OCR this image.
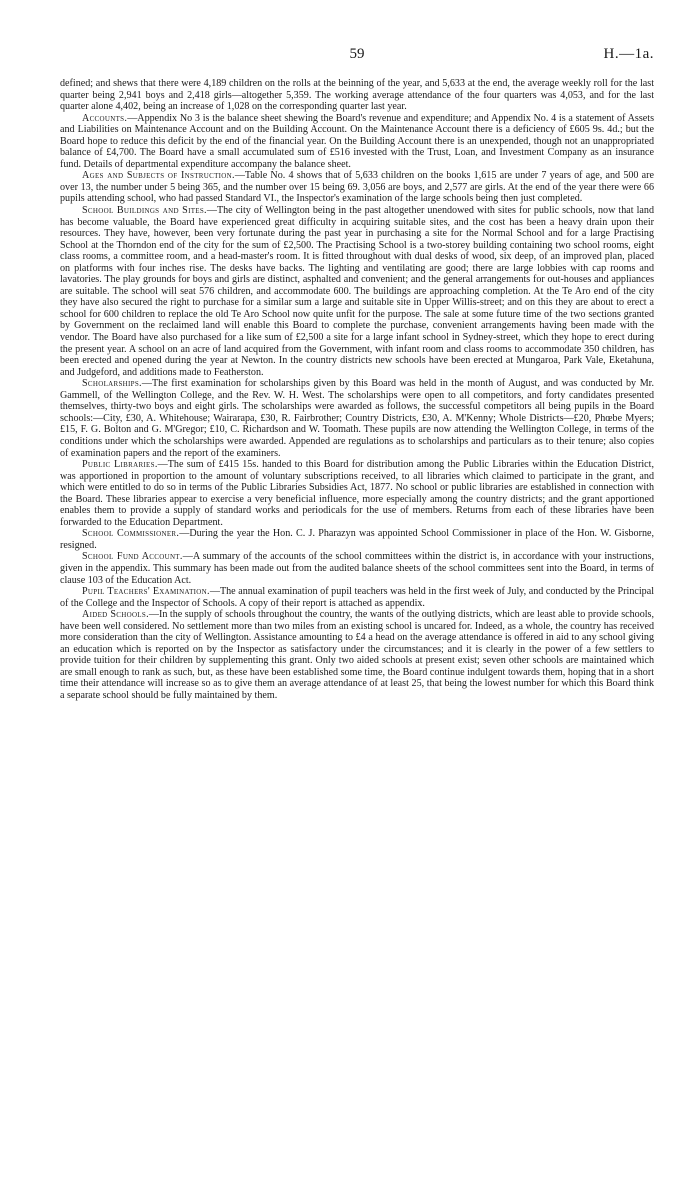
59	H.—1a.

defined; and shews that there were 4,189 children on the rolls at the beinning of the year, and 5,633 at the end, the average weekly roll for the last quarter being 2,941 boys and 2,418 girls—altogether 5,359. The working average attendance of the four quarters was 4,053, and for the last quarter alone 4,402, being an increase of 1,028 on the corresponding quarter last year.

Accounts.—Appendix No 3 is the balance sheet shewing the Board's revenue and expenditure; and Appendix No. 4 is a statement of Assets and Liabilities on Maintenance Account and on the Building Account. On the Maintenance Account there is a deficiency of £605 9s. 4d.; but the Board hope to reduce this deficit by the end of the financial year. On the Building Account there is an unexpended, though not an unappropriated balance of £4,700. The Board have a small accumulated sum of £516 invested with the Trust, Loan, and Investment Company as an insurance fund. Details of departmental expenditure accompany the balance sheet.

Ages and Subjects of Instruction.—Table No. 4 shows that of 5,633 children on the books 1,615 are under 7 years of age, and 500 are over 13, the number under 5 being 365, and the number over 15 being 69. 3,056 are boys, and 2,577 are girls. At the end of the year there were 66 pupils attending school, who had passed Standard VI., the Inspector's examination of the large schools being then just completed.

School Buildings and Sites.—The city of Wellington being in the past altogether unendowed with sites for public schools, now that land has become valuable, the Board have experienced great difficulty in acquiring suitable sites, and the cost has been a heavy drain upon their resources. They have, however, been very fortunate during the past year in purchasing a site for the Normal School and for a large Practising School at the Thorndon end of the city for the sum of £2,500. The Practising School is a two-storey building containing two school rooms, eight class rooms, a committee room, and a head-master's room. It is fitted throughout with dual desks of wood, six deep, of an improved plan, placed on platforms with four inches rise. The desks have backs. The lighting and ventilating are good; there are large lobbies with cap rooms and lavatories. The play grounds for boys and girls are distinct, asphalted and convenient; and the general arrangements for out-houses and appliances are suitable. The school will seat 576 children, and accommodate 600. The buildings are approaching completion. At the Te Aro end of the city they have also secured the right to purchase for a similar sum a large and suitable site in Upper Willis-street; and on this they are about to erect a school for 600 children to replace the old Te Aro School now quite unfit for the purpose. The sale at some future time of the two sections granted by Government on the reclaimed land will enable this Board to complete the purchase, convenient arrangements having been made with the vendor. The Board have also purchased for a like sum of £2,500 a site for a large infant school in Sydney-street, which they hope to erect during the present year. A school on an acre of land acquired from the Government, with infant room and class rooms to accommodate 350 children, has been erected and opened during the year at Newton. In the country districts new schools have been erected at Mungaroa, Park Vale, Eketahuna, and Judgeford, and additions made to Featherston.

Scholarships.—The first examination for scholarships given by this Board was held in the month of August, and was conducted by Mr. Gammell, of the Wellington College, and the Rev. W. H. West. The scholarships were open to all competitors, and forty candidates presented themselves, thirty-two boys and eight girls. The scholarships were awarded as follows, the successful competitors all being pupils in the Board schools:—City, £30, A. Whitehouse; Wairarapa, £30, R. Fairbrother; Country Districts, £30, A. M'Kenny; Whole Districts—£20, Phœbe Myers; £15, F. G. Bolton and G. M'Gregor; £10, C. Richardson and W. Toomath. These pupils are now attending the Wellington College, in terms of the conditions under which the scholarships were awarded. Appended are regulations as to scholarships and particulars as to their tenure; also copies of examination papers and the report of the examiners.

Public Libraries.—The sum of £415 15s. handed to this Board for distribution among the Public Libraries within the Education District, was apportioned in proportion to the amount of voluntary subscriptions received, to all libraries which claimed to participate in the grant, and which were entitled to do so in terms of the Public Libraries Subsidies Act, 1877. No school or public libraries are established in connection with the Board. These libraries appear to exercise a very beneficial influence, more especially among the country districts; and the grant apportioned enables them to provide a supply of standard works and periodicals for the use of members. Returns from each of these libraries have been forwarded to the Education Department.

School Commissioner.—During the year the Hon. C. J. Pharazyn was appointed School Commissioner in place of the Hon. W. Gisborne, resigned.

School Fund Account.—A summary of the accounts of the school committees within the district is, in accordance with your instructions, given in the appendix. This summary has been made out from the audited balance sheets of the school committees sent into the Board, in terms of clause 103 of the Education Act.

Pupil Teachers' Examination.—The annual examination of pupil teachers was held in the first week of July, and conducted by the Principal of the College and the Inspector of Schools. A copy of their report is attached as appendix.

Aided Schools.—In the supply of schools throughout the country, the wants of the outlying districts, which are least able to provide schools, have been well considered. No settlement more than two miles from an existing school is uncared for. Indeed, as a whole, the country has received more consideration than the city of Wellington. Assistance amounting to £4 a head on the average attendance is offered in aid to any school giving an education which is reported on by the Inspector as satisfactory under the circumstances; and it is clearly in the power of a few settlers to provide tuition for their children by supplementing this grant. Only two aided schools at present exist; seven other schools are maintained which are small enough to rank as such, but, as these have been established some time, the Board continue indulgent towards them, hoping that in a short time their attendance will increase so as to give them an average attendance of at least 25, that being the lowest number for which this Board think a separate school should be fully maintained by them.
